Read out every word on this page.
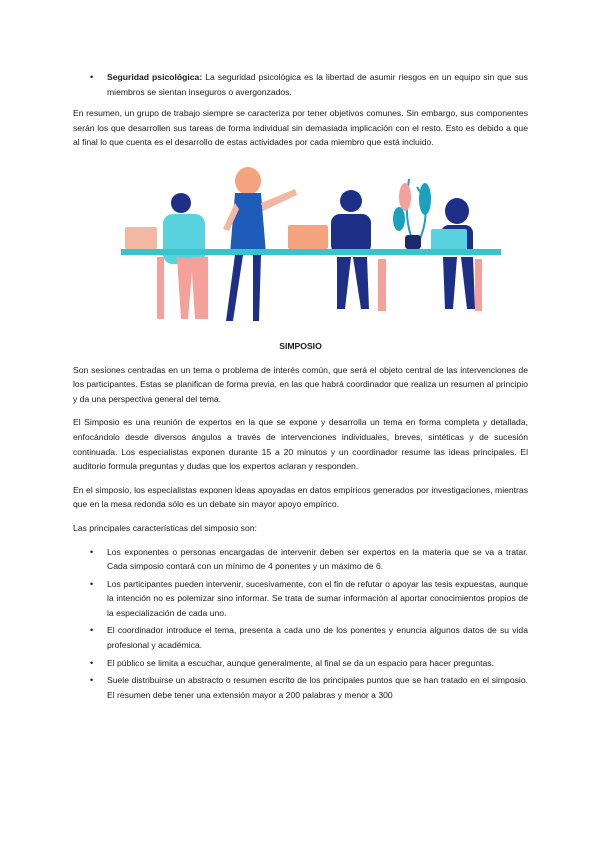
• Seguridad psicológica: La seguridad psicológica es la libertad de asumir riesgos en un equipo sin que sus miembros se sientan inseguros o avergonzados.

En resumen, un grupo de trabajo siempre se caracteriza por tener objetivos comunes. Sin embargo, sus componentes serán los que desarrollen sus tareas de forma individual sin demasiada implicación con el resto. Esto es debido a que al final lo que cuenta es el desarrollo de estas actividades por cada miembro que está incluido.

SIMPOSIO

Son sesiones centradas en un tema o problema de interés común, que será el objeto central de las intervenciones de los participantes. Estas se planifican de forma previa, en las que habrá coordinador que realiza un resumen al principio y da una perspectiva general del tema.

El Simposio es una reunión de expertos en la que se expone y desarrolla un tema en forma completa y detallada, enfocándolo desde diversos ángulos a través de intervenciones individuales, breves, sintéticas y de sucesión continuada. Los especialistas exponen durante 15 a 20 minutos y un coordinador resume las ideas principales. El auditorio formula preguntas y dudas que los expertos aclaran y responden.

En el simposio, los especialistas exponen ideas apoyadas en datos empíricos generados por investigaciones, mientras que en la mesa redonda sólo es un debate sin mayor apoyo empírico.

Las principales características del simposio son:

• Los exponentes o personas encargadas de intervenir deben ser expertos en la materia que se va a tratar. Cada simposio contará con un mínimo de 4 ponentes y un máximo de 6.
• Los participantes pueden intervenir, sucesivamente, con el fin de refutar o apoyar las tesis expuestas, aunque la intención no es polemizar sino informar. Se trata de sumar información al aportar conocimientos propios de la especialización de cada uno.
• El coordinador introduce el tema, presenta a cada uno de los ponentes y enuncia algunos datos de su vida profesional y académica.
• El público se limita a escuchar, aunque generalmente, al final se da un espacio para hacer preguntas.
• Suele distribuirse un abstracto o resumen escrito de los principales puntos que se han tratado en el simposio. El resumen debe tener una extensión mayor a 200 palabras y menor a 300
